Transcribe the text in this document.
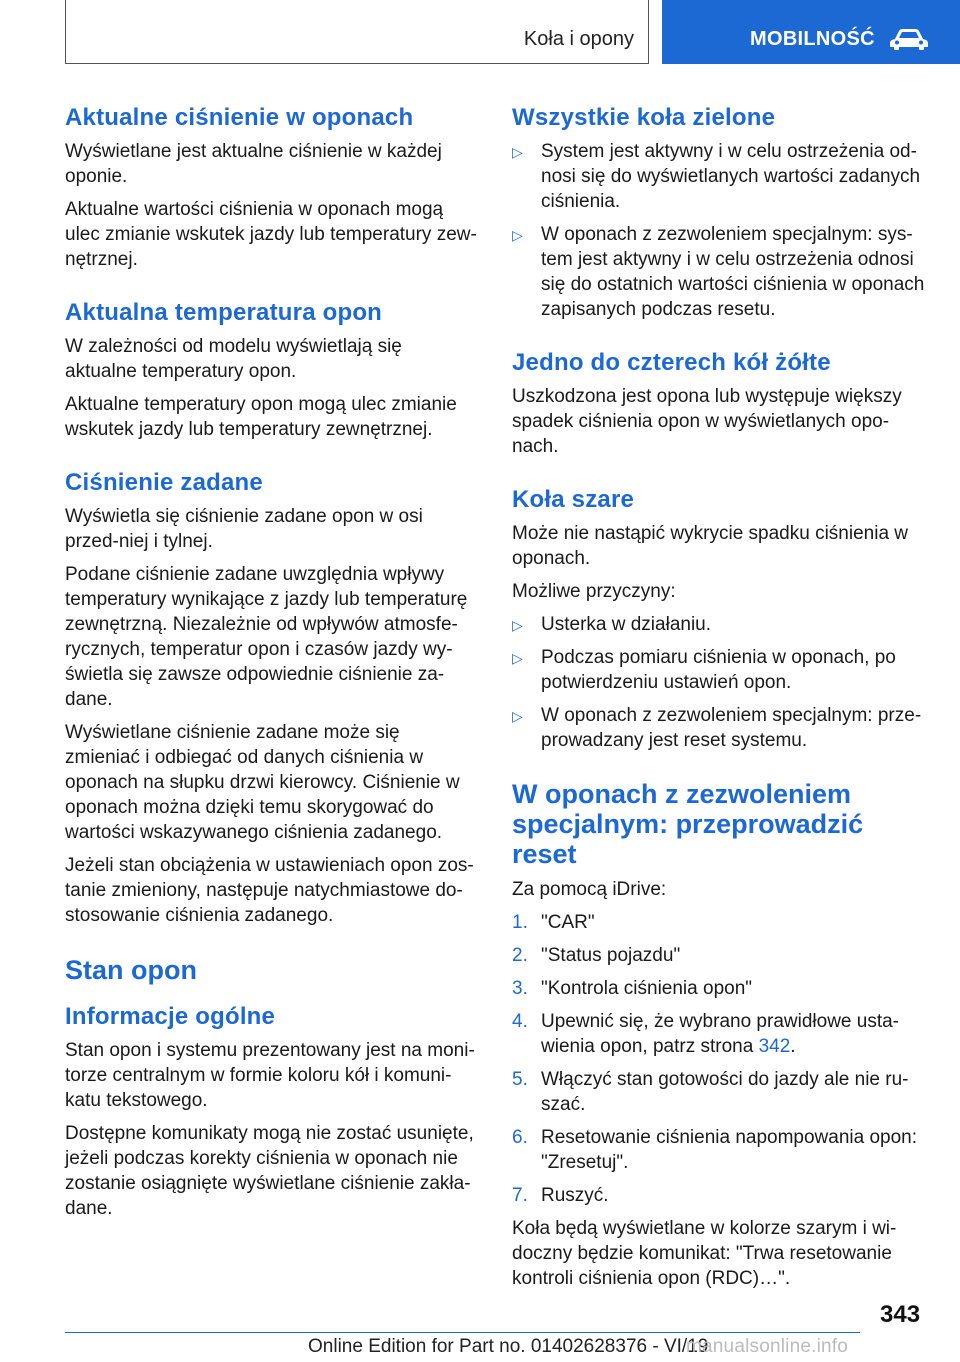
Koła i opony	MOBILNOŚĆ
Aktualne ciśnienie w oponach

Wyświetlane jest aktualne ciśnienie w każdej oponie.

Aktualne wartości ciśnienia w oponach mogą ulec zmianie wskutek jazdy lub temperatury zew‐nętrznej.

Aktualna temperatura opon

W zależności od modelu wyświetlają się aktualne temperatury opon.

Aktualne temperatury opon mogą ulec zmianie wskutek jazdy lub temperatury zewnętrznej.

Ciśnienie zadane

Wyświetla się ciśnienie zadane opon w osi przed‐niej i tylnej.

Podane ciśnienie zadane uwzględnia wpływy temperatury wynikające z jazdy lub temperaturę zewnętrzną. Niezależnie od wpływów atmosfe‐rycznych, temperatur opon i czasów jazdy wy‐świetla się zawsze odpowiednie ciśnienie za‐dane.

Wyświetlane ciśnienie zadane może się zmieniać i odbiegać od danych ciśnienia w oponach na słupku drzwi kierowcy. Ciśnienie w oponach można dzięki temu skorygować do wartości wskazywanego ciśnienia zadanego.

Jeżeli stan obciążenia w ustawieniach opon zos‐tanie zmieniony, następuje natychmiastowe do‐stosowanie ciśnienia zadanego.

Stan opon
Informacje ogólne

Stan opon i systemu prezentowany jest na moni‐torze centralnym w formie koloru kół i komuni‐katu tekstowego.

Dostępne komunikaty mogą nie zostać usunięte, jeżeli podczas korekty ciśnienia w oponach nie zostanie osiągnięte wyświetlane ciśnienie zakła‐dane.

Wszystkie koła zielone
▷ System jest aktywny i w celu ostrzeżenia od‐nosi się do wyświetlanych wartości zadanych ciśnienia.
▷ W oponach z zezwoleniem specjalnym: sys‐tem jest aktywny i w celu ostrzeżenia odnosi się do ostatnich wartości ciśnienia w oponach zapisanych podczas resetu.
Jedno do czterech kół żółte

Uszkodzona jest opona lub występuje większy spadek ciśnienia opon w wyświetlanych opo‐nach.

Koła szare

Może nie nastąpić wykrycie spadku ciśnienia w oponach.

Możliwe przyczyny:

▷ Usterka w działaniu.
▷ Podczas pomiaru ciśnienia w oponach, po potwierdzeniu ustawień opon.
▷ W oponach z zezwoleniem specjalnym: prze‐prowadzany jest reset systemu.
W oponach z zezwoleniem specjalnym: przeprowadzić reset

Za pomocą iDrive:

1. "CAR"
2. "Status pojazdu"
3. "Kontrola ciśnienia opon"
4. Upewnić się, że wybrano prawidłowe usta‐wienia opon, patrz strona 342.
5. Włączyć stan gotowości do jazdy ale nie ru‐szać.
6. Resetowanie ciśnienia napompowania opon: "Zresetuj".
7. Ruszyć.

Koła będą wyświetlane w kolorze szarym i wi‐doczny będzie komunikat: "Trwa resetowanie kontroli ciśnienia opon (RDC)…".

343
Online Edition for Part no. 01402628376 - VI/19
manualsonline.info
